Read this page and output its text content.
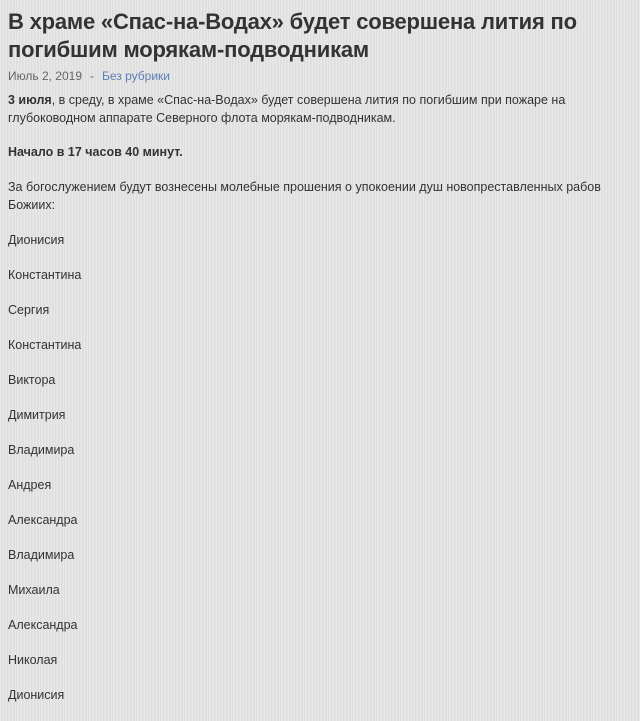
В храме «Спас-на-Водах» будет совершена лития по погибшим морякам-подводникам
Июль 2, 2019 - Без рубрики

3 июля, в среду, в храме «Спас-на-Водах» будет совершена лития по погибшим при пожаре на глубоководном аппарате Северного флота морякам-подводникам.

Начало в 17 часов 40 минут.

За богослужением будут вознесены молебные прошения о упокоении душ новопреставленных рабов Божиих:

Дионисия

Константина

Сергия

Константина

Виктора

Димитрия

Владимира

Андрея

Александра

Владимира

Михаила

Александра

Николая

Дионисия
